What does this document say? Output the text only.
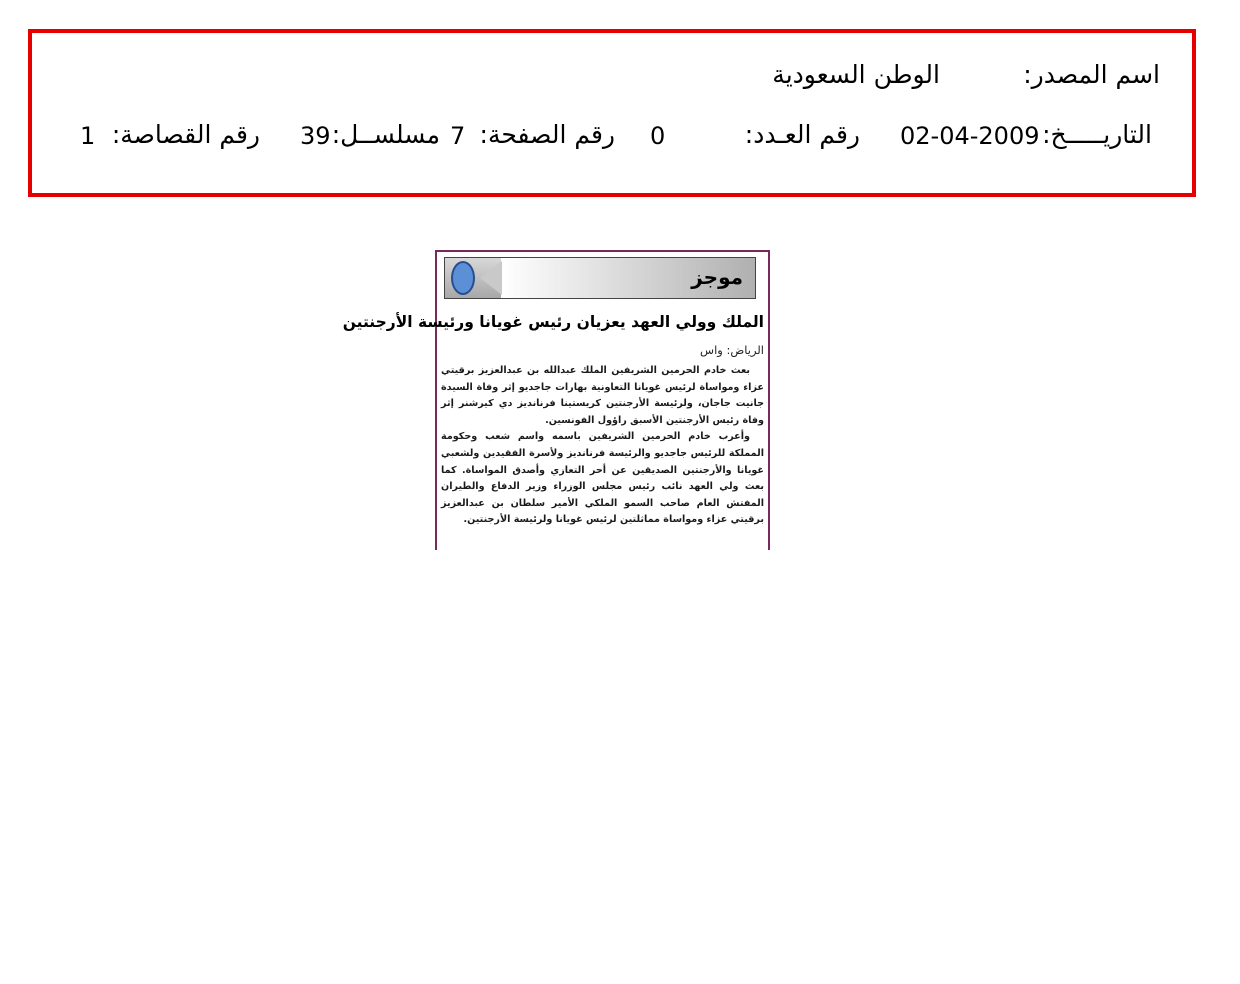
اسم المصدر:
الوطن السعودية
التاريـــــخ:
02-04-2009
رقم العـدد:
0
رقم الصفحة:
7
مسلســل:
39
رقم القصاصة:
1
موجز
الملك وولي العهد يعزيان رئيس غويانا ورئيسة الأرجنتين
الرياض: واس

بعث خادم الحرمين الشريفين الملك عبدالله بن عبدالعزيز برقيتي عزاء ومواساة لرئيس غويانا التعاونية بهارات جاجديو إثر وفاة السيدة جانيت جاجان، ولرئيسة الأرجنتين كريستينا فرنانديز دي كيرشنر إثر وفاة رئيس الأرجنتين الأسبق راؤول الفونسين.

وأعرب خادم الحرمين الشريفين باسمه واسم شعب وحكومة المملكة للرئيس جاجديو والرئيسة فرنانديز ولأسرة الفقيدين ولشعبي غويانا والأرجنتين الصديقين عن أحر التعازي وأصدق المواساة. كما بعث ولي العهد نائب رئيس مجلس الوزراء وزير الدفاع والطيران المفتش العام صاحب السمو الملكي الأمير سلطان بن عبدالعزيز برقيتي عزاء ومواساة مماثلتين لرئيس غويانا ولرئيسة الأرجنتين.
